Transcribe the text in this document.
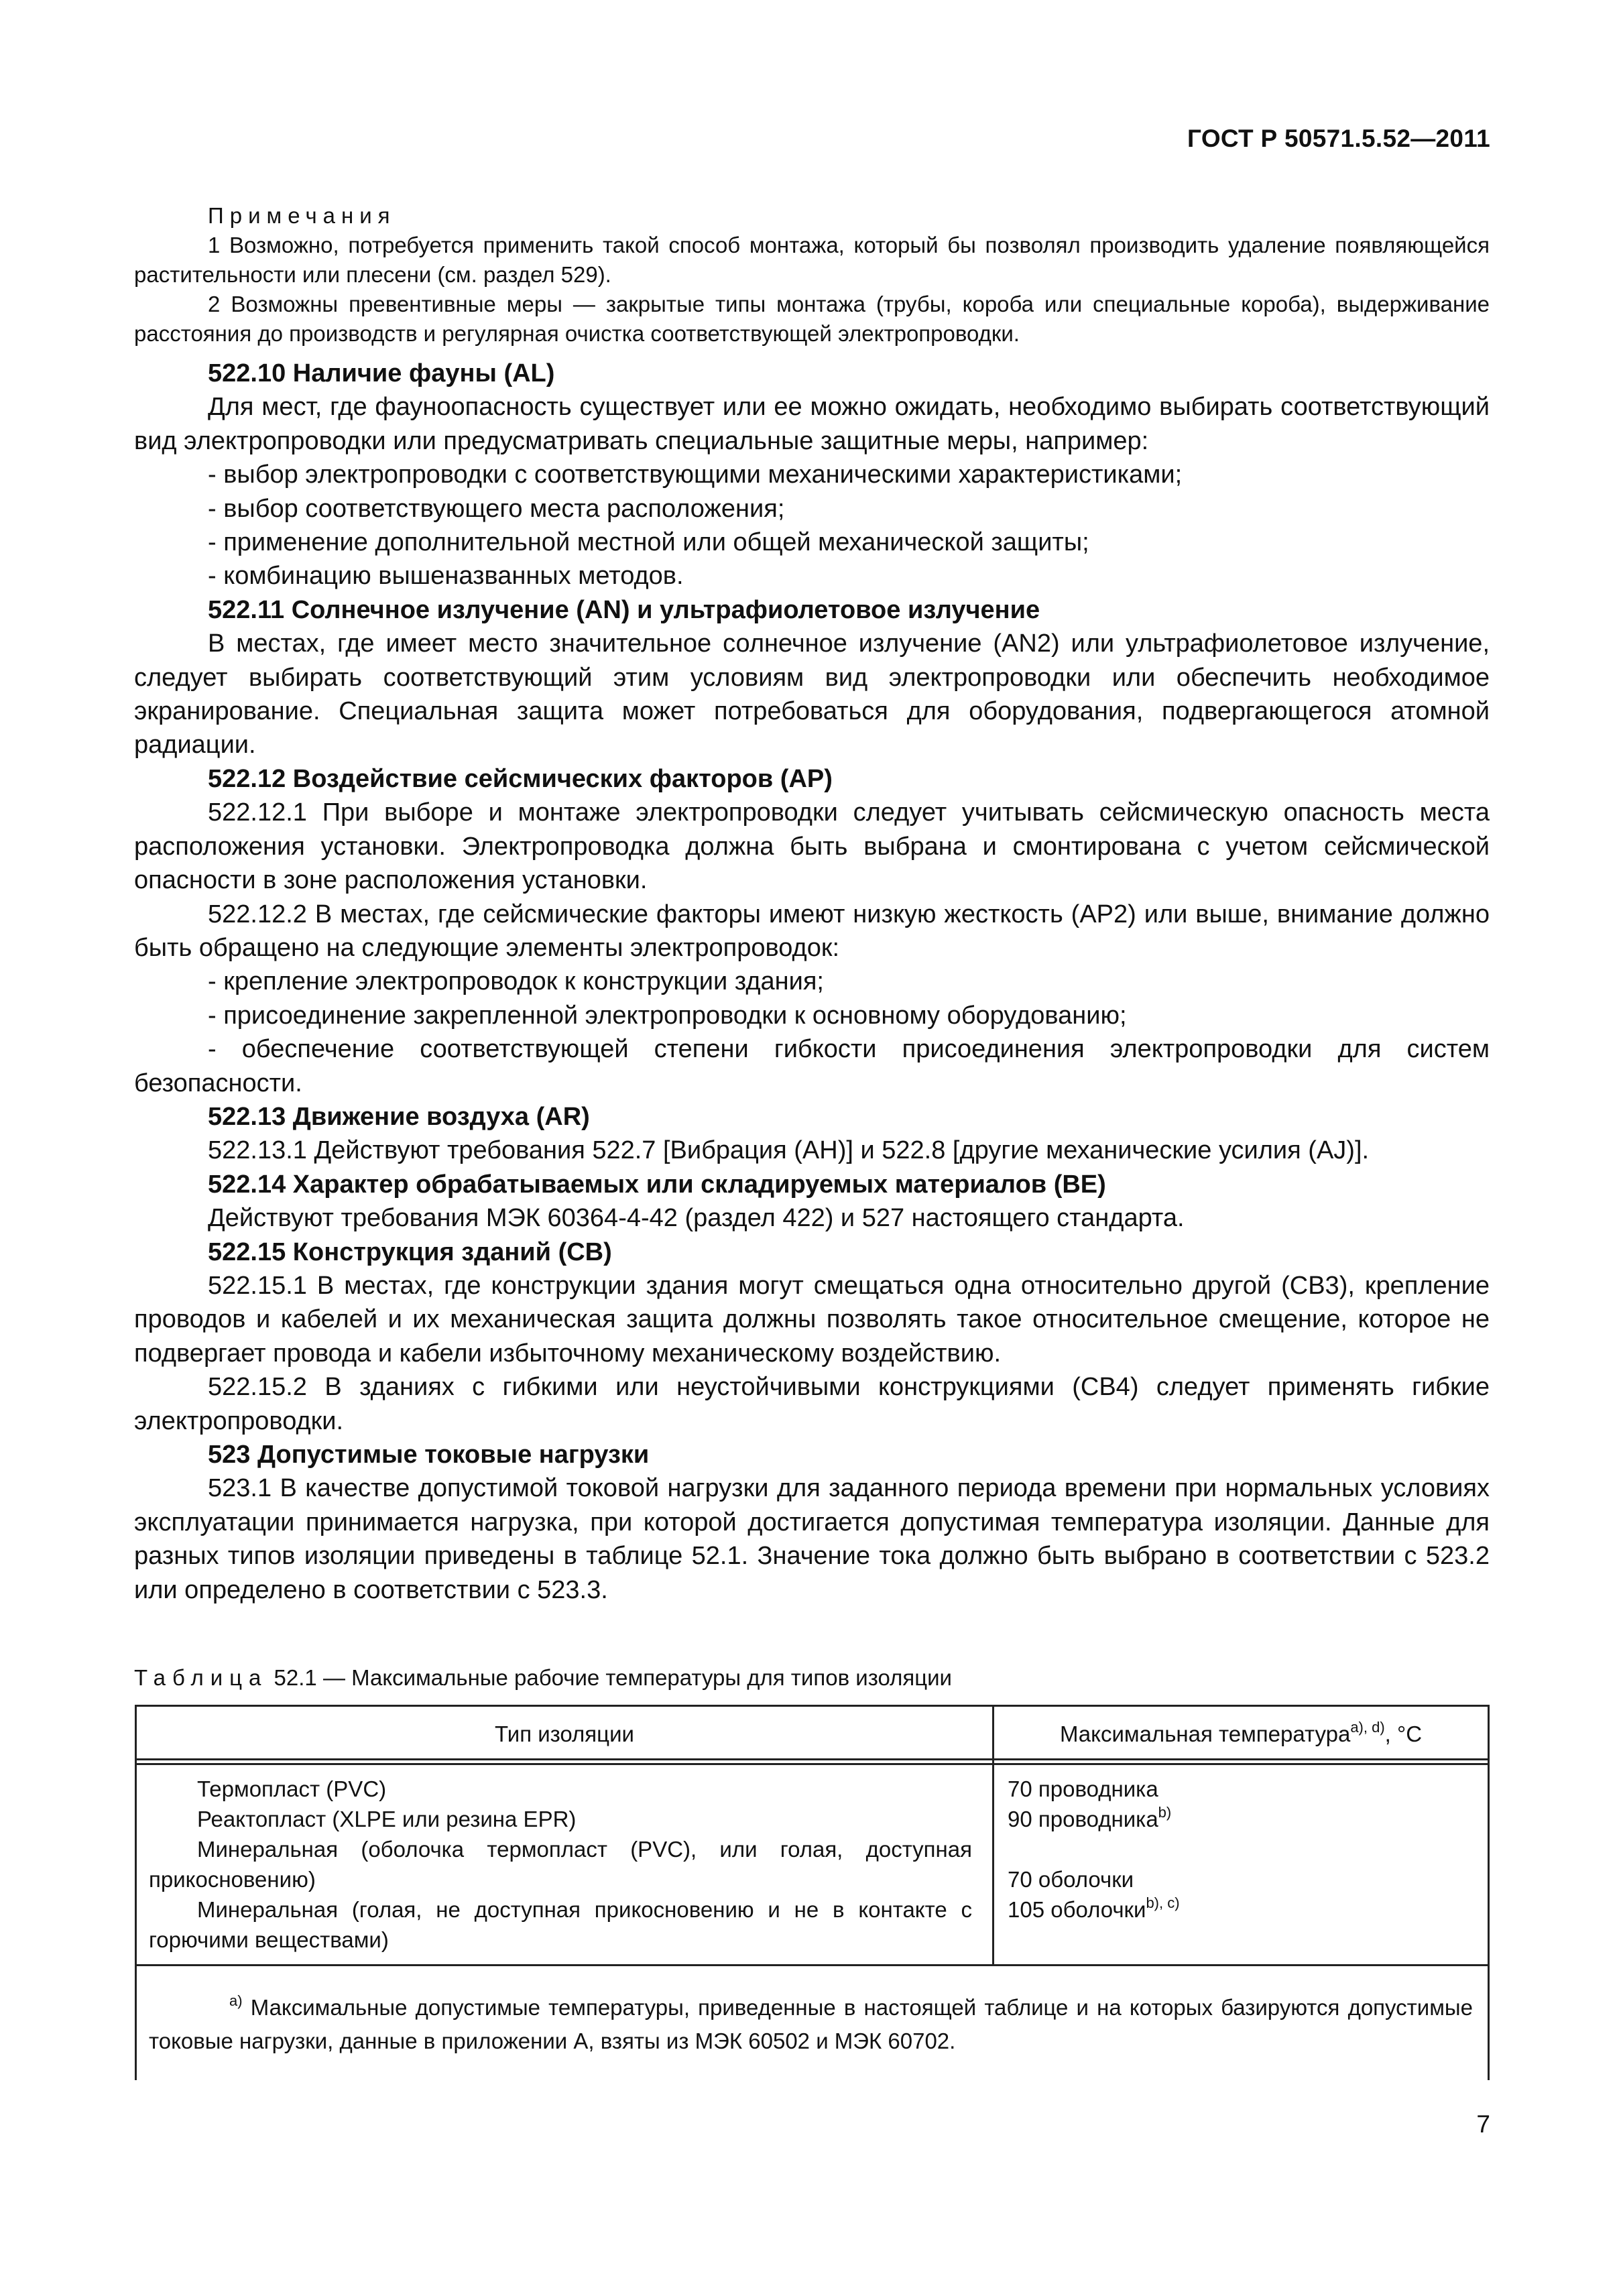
ГОСТ Р 50571.5.52—2011

Примечания

1 Возможно, потребуется применить такой способ монтажа, который бы позволял производить удаление появляющейся растительности или плесени (см. раздел 529).

2 Возможны превентивные меры — закрытые типы монтажа (трубы, короба или специальные короба), выдерживание расстояния до производств и регулярная очистка соответствующей электропроводки.

522.10 Наличие фауны (AL)

Для мест, где фауноопасность существует или ее можно ожидать, необходимо выбирать соответствующий вид электропроводки или предусматривать специальные защитные меры, например:

- выбор электропроводки с соответствующими механическими характеристиками;

- выбор соответствующего места расположения;

- применение дополнительной местной или общей механической защиты;

- комбинацию вышеназванных методов.

522.11 Солнечное излучение (AN) и ультрафиолетовое излучение

В местах, где имеет место значительное солнечное излучение (AN2) или ультрафиолетовое излучение, следует выбирать соответствующий этим условиям вид электропроводки или обеспечить необходимое экранирование. Специальная защита может потребоваться для оборудования, подвергающегося атомной радиации.

522.12 Воздействие сейсмических факторов (AP)

522.12.1 При выборе и монтаже электропроводки следует учитывать сейсмическую опасность места расположения установки. Электропроводка должна быть выбрана и смонтирована с учетом сейсмической опасности в зоне расположения установки.

522.12.2 В местах, где сейсмические факторы имеют низкую жесткость (AP2) или выше, внимание должно быть обращено на следующие элементы электропроводок:

- крепление электропроводок к конструкции здания;

- присоединение закрепленной электропроводки к основному оборудованию;

- обеспечение соответствующей степени гибкости присоединения электропроводки для систем безопасности.

522.13 Движение воздуха (AR)

522.13.1 Действуют требования 522.7 [Вибрация (AH)] и 522.8 [другие механические усилия (AJ)].

522.14 Характер обрабатываемых или складируемых материалов (BE)

Действуют требования МЭК 60364-4-42 (раздел 422) и 527 настоящего стандарта.

522.15 Конструкция зданий (CB)

522.15.1 В местах, где конструкции здания могут смещаться одна относительно другой (CB3), крепление проводов и кабелей и их механическая защита должны позволять такое относительное смещение, которое не подвергает провода и кабели избыточному механическому воздействию.

522.15.2 В зданиях с гибкими или неустойчивыми конструкциями (CB4) следует применять гибкие электропроводки.

523 Допустимые токовые нагрузки

523.1 В качестве допустимой токовой нагрузки для заданного периода времени при нормальных условиях эксплуатации принимается нагрузка, при которой достигается допустимая температура изоляции. Данные для разных типов изоляции приведены в таблице 52.1. Значение тока должно быть выбрано в соответствии с 523.2 или определено в соответствии с 523.3.

Таблица 52.1 — Максимальные рабочие температуры для типов изоляции
Тип изоляции	Максимальная температура$^{a), d)}$, °C

Термопласт (PVC)

Реактопласт (XLPE или резина EPR)

Минеральная (оболочка термопласт (PVC), или голая, доступная прикосновению)

Минеральная (голая, не доступная прикосновению и не в контакте с горючими веществами)

70 проводника
90 проводника$^{b)}$
70 оболочки
105 оболочки$^{b), c)}$
$^{a)}$ Максимальные допустимые температуры, приведенные в настоящей таблице и на которых базируются допустимые токовые нагрузки, данные в приложении А, взяты из МЭК 60502 и МЭК 60702.
7
